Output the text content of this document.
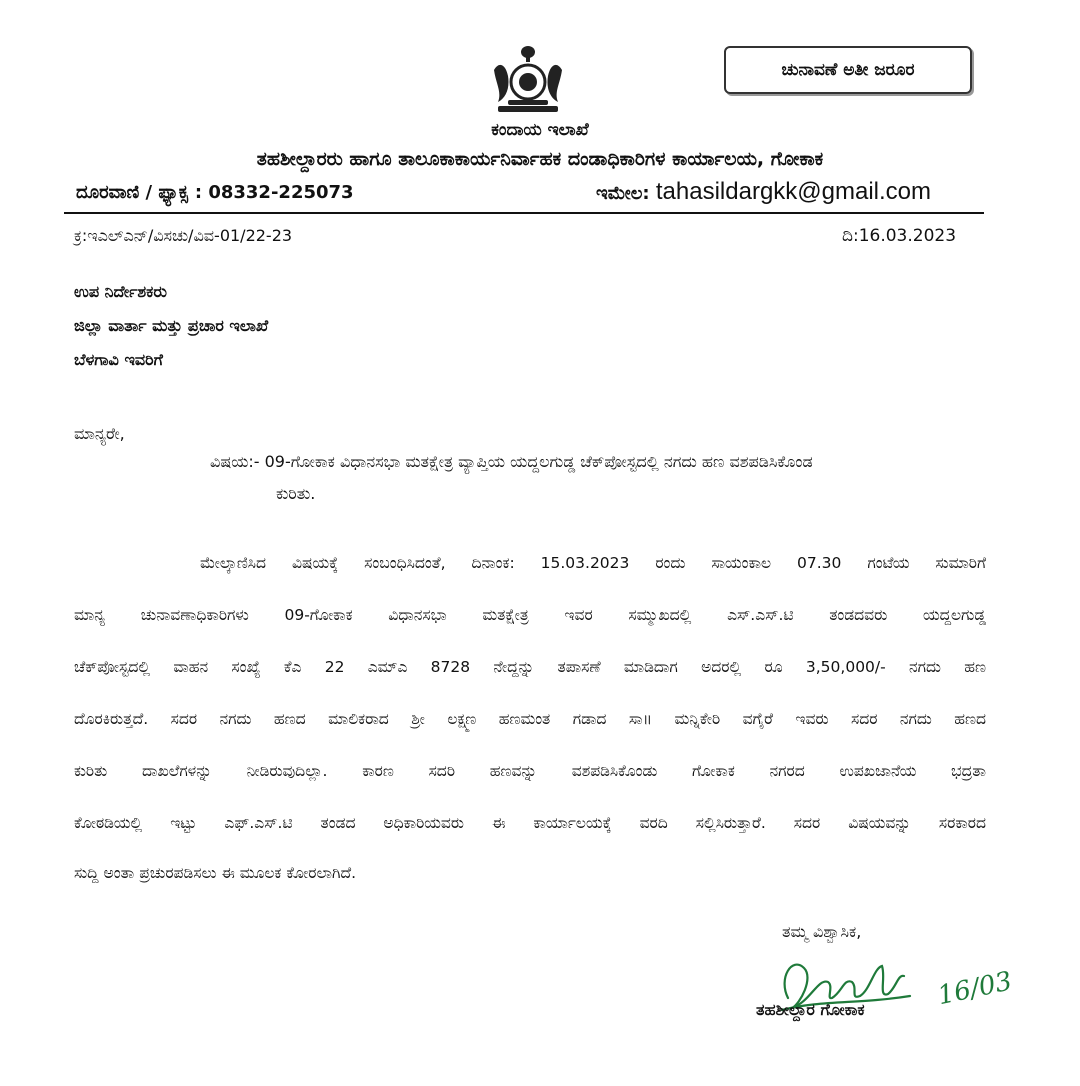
ಚುನಾವಣೆ ಅತೀ ಜರೂರ
ಕಂದಾಯ ಇಲಾಖೆ
ತಹಶೀಲ್ದಾರರು ಹಾಗೂ ತಾಲೂಕಾಕಾರ್ಯನಿರ್ವಾಹಕ ದಂಡಾಧಿಕಾರಿಗಳ ಕಾರ್ಯಾಲಯ, ಗೋಕಾಕ
ದೂರವಾಣಿ / ಫ್ಯಾಕ್ಸ : 08332-225073	ಇಮೇಲ: tahasildargkk@gmail.com
ಕ್ರ:ಇಎಲ್ಎನ್/ವಿಸಚು/ವಿವ-01/22-23	ದಿ:16.03.2023
ಉಪ ನಿರ್ದೇಶಕರು
ಜಿಲ್ಲಾ ವಾರ್ತಾ ಮತ್ತು ಪ್ರಚಾರ ಇಲಾಖೆ
ಬೆಳಗಾವಿ ಇವರಿಗೆ
ಮಾನ್ಯರೇ,
ವಿಷಯ:- 09-ಗೋಕಾಕ ವಿಧಾನಸಭಾ ಮತಕ್ಷೇತ್ರ ವ್ಯಾಪ್ತಿಯ ಯದ್ದಲಗುಡ್ಡ ಚೆಕ್‌ಪೋಸ್ಟದಲ್ಲಿ ನಗದು ಹಣ ವಶಪಡಿಸಿಕೊಂಡ
ಕುರಿತು.
ಮೇಲ್ಕಾಣಿಸಿದ ವಿಷಯಕ್ಕೆ ಸಂಬಂಧಿಸಿದಂತೆ, ದಿನಾಂಕ: 15.03.2023 ರಂದು ಸಾಯಂಕಾಲ 07.30 ಗಂಟೆಯ ಸುಮಾರಿಗೆ
ಮಾನ್ಯ ಚುನಾವಣಾಧಿಕಾರಿಗಳು 09-ಗೋಕಾಕ ವಿಧಾನಸಭಾ ಮತಕ್ಷೇತ್ರ ಇವರ ಸಮ್ಮುಖದಲ್ಲಿ ಎಸ್.ಎಸ್.ಟಿ ತಂಡದವರು ಯದ್ದಲಗುಡ್ಡ
ಚೆಕ್‌ಪೋಸ್ಟದಲ್ಲಿ ವಾಹನ ಸಂಖ್ಯೆ ಕೆಎ 22 ಎಮ್ಎ 8728 ನೇದ್ದನ್ನು ತಪಾಸಣೆ ಮಾಡಿದಾಗ ಅದರಲ್ಲಿ ರೂ 3,50,000/- ನಗದು ಹಣ
ದೊರಕಿರುತ್ತದೆ. ಸದರ ನಗದು ಹಣದ ಮಾಲಿಕರಾದ ಶ್ರೀ ಲಕ್ಷ್ಮಣ ಹಣಮಂತ ಗಡಾದ ಸಾ॥ ಮನ್ನಿಕೇರಿ ವಗೈರೆ ಇವರು ಸದರ ನಗದು ಹಣದ
ಕುರಿತು ದಾಖಲೆಗಳನ್ನು ನೀಡಿರುವುದಿಲ್ಲಾ. ಕಾರಣ ಸದರಿ ಹಣವನ್ನು ವಶಪಡಿಸಿಕೊಂಡು ಗೋಕಾಕ ನಗರದ ಉಪಖಜಾನೆಯ ಭದ್ರತಾ
ಕೋಠಡಿಯಲ್ಲಿ ಇಟ್ಟು ಎಫ್.ಎಸ್.ಟಿ ತಂಡದ ಅಧಿಕಾರಿಯವರು ಈ ಕಾರ್ಯಾಲಯಕ್ಕೆ ವರದಿ ಸಲ್ಲಿಸಿರುತ್ತಾರೆ. ಸದರ ವಿಷಯವನ್ನು ಸರಕಾರದ
ಸುದ್ದಿ ಅಂತಾ ಪ್ರಚುರಪಡಿಸಲು ಈ ಮೂಲಕ ಕೋರಲಾಗಿದೆ.
ತಮ್ಮ ವಿಶ್ವಾಸಿಕ,
16/03
ತಹಶೀಲ್ದಾರ ಗೋಕಾಕ
